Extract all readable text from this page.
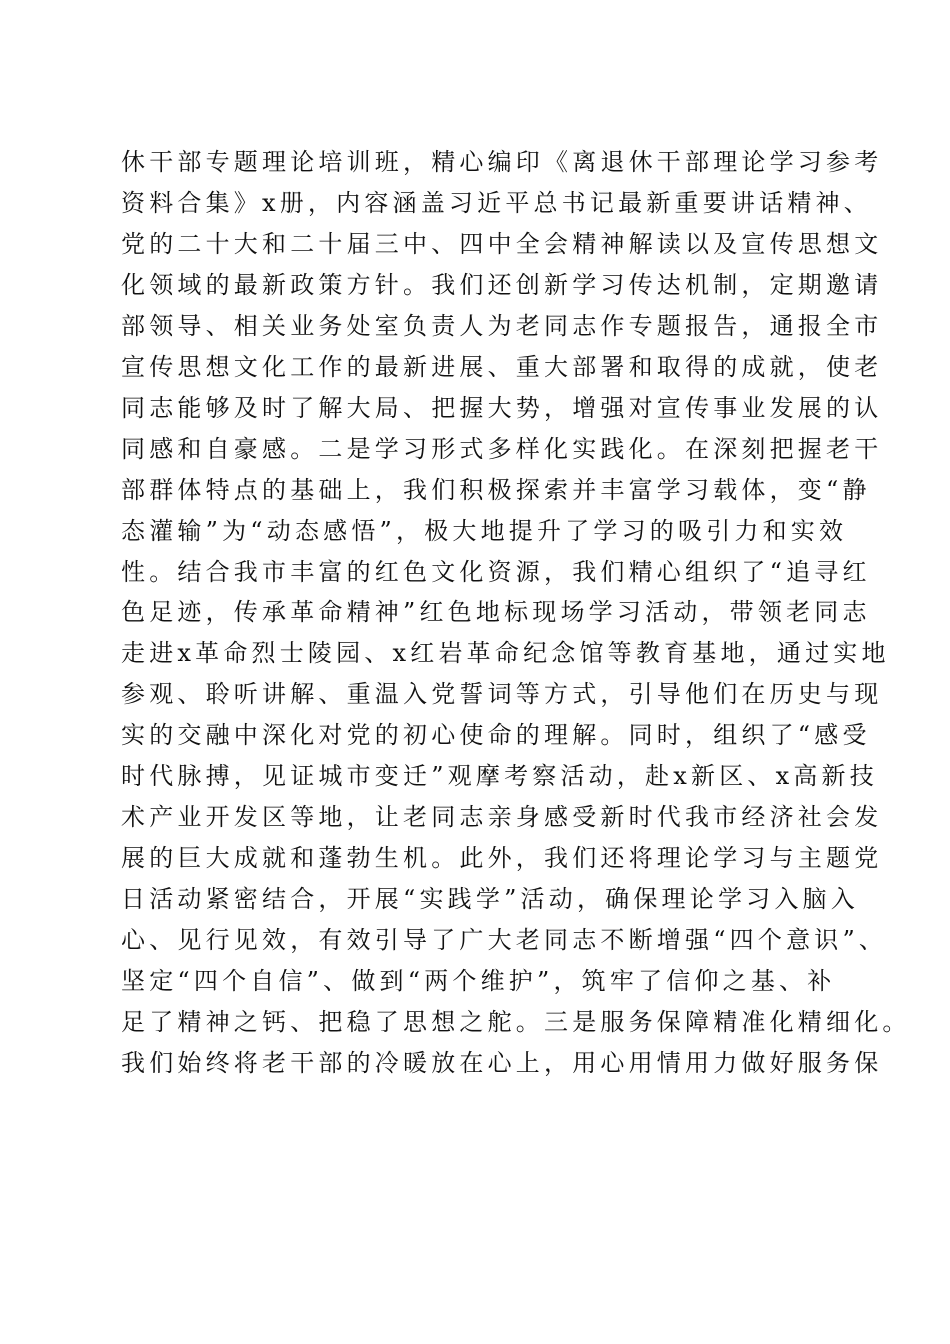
休干部专题理论培训班，精心编印《离退休干部理论学习参考
资料合集》x册，内容涵盖习近平总书记最新重要讲话精神、
党的二十大和二十届三中、四中全会精神解读以及宣传思想文
化领域的最新政策方针。我们还创新学习传达机制，定期邀请
部领导、相关业务处室负责人为老同志作专题报告，通报全市
宣传思想文化工作的最新进展、重大部署和取得的成就，使老
同志能够及时了解大局、把握大势，增强对宣传事业发展的认
同感和自豪感。二是学习形式多样化实践化。在深刻把握老干
部群体特点的基础上，我们积极探索并丰富学习载体，变“静
态灌输”为“动态感悟”，极大地提升了学习的吸引力和实效
性。结合我市丰富的红色文化资源，我们精心组织了“追寻红
色足迹，传承革命精神”红色地标现场学习活动，带领老同志
走进x革命烈士陵园、x红岩革命纪念馆等教育基地，通过实地
参观、聆听讲解、重温入党誓词等方式，引导他们在历史与现
实的交融中深化对党的初心使命的理解。同时，组织了“感受
时代脉搏，见证城市变迁”观摩考察活动，赴x新区、x高新技
术产业开发区等地，让老同志亲身感受新时代我市经济社会发
展的巨大成就和蓬勃生机。此外，我们还将理论学习与主题党
日活动紧密结合，开展“实践学”活动，确保理论学习入脑入
心、见行见效，有效引导了广大老同志不断增强“四个意识”、
坚定“四个自信”、做到“两个维护”，筑牢了信仰之基、补
足了精神之钙、把稳了思想之舵。三是服务保障精准化精细化。
我们始终将老干部的冷暖放在心上，用心用情用力做好服务保
